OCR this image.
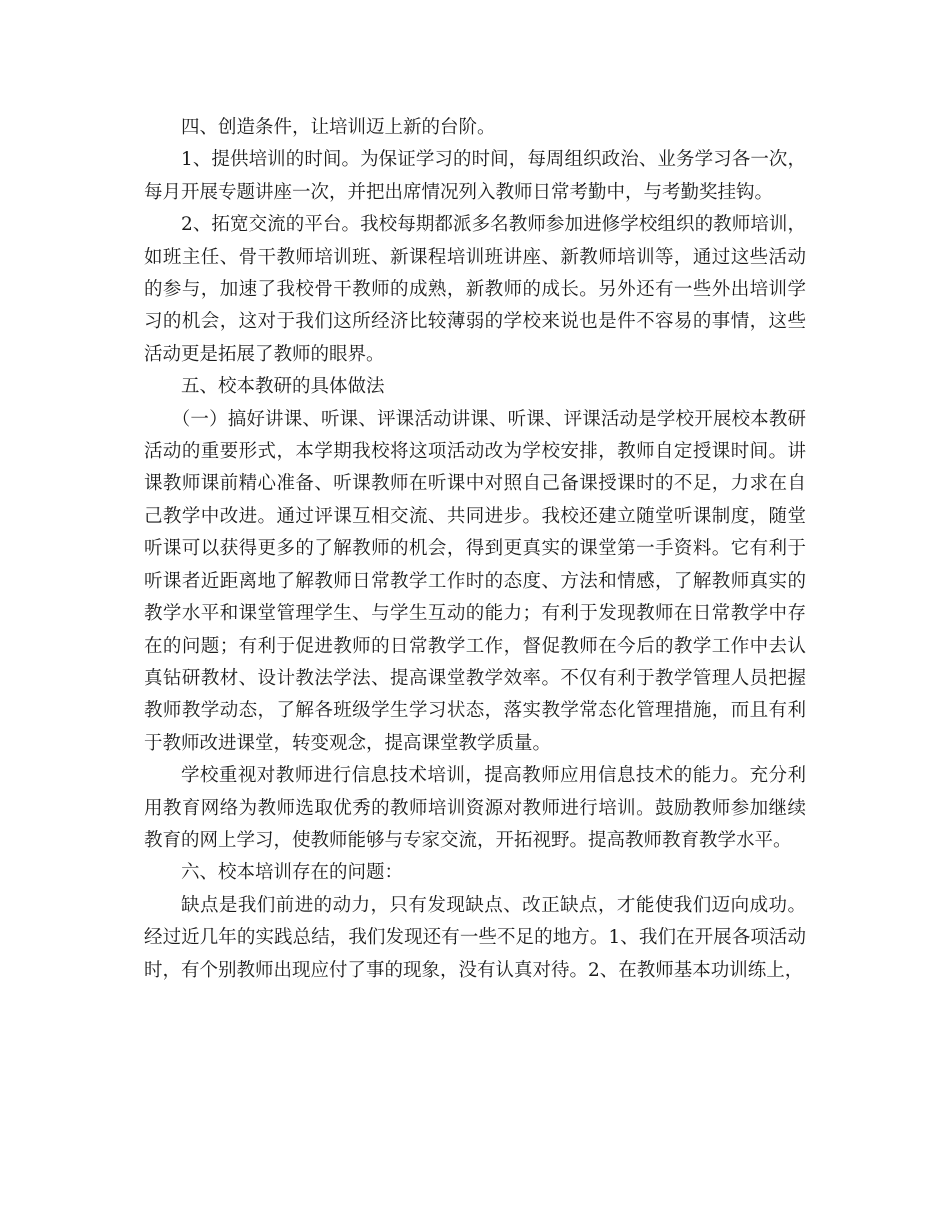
四、创造条件，让培训迈上新的台阶。

1、提供培训的时间。为保证学习的时间，每周组织政治、业务学习各一次，每月开展专题讲座一次，并把出席情况列入教师日常考勤中，与考勤奖挂钩。

2、拓宽交流的平台。我校每期都派多名教师参加进修学校组织的教师培训，如班主任、骨干教师培训班、新课程培训班讲座、新教师培训等，通过这些活动的参与，加速了我校骨干教师的成熟，新教师的成长。另外还有一些外出培训学习的机会，这对于我们这所经济比较薄弱的学校来说也是件不容易的事情，这些活动更是拓展了教师的眼界。

五、校本教研的具体做法

（一）搞好讲课、听课、评课活动讲课、听课、评课活动是学校开展校本教研活动的重要形式，本学期我校将这项活动改为学校安排，教师自定授课时间。讲课教师课前精心准备、听课教师在听课中对照自己备课授课时的不足，力求在自己教学中改进。通过评课互相交流、共同进步。我校还建立随堂听课制度，随堂听课可以获得更多的了解教师的机会，得到更真实的课堂第一手资料。它有利于听课者近距离地了解教师日常教学工作时的态度、方法和情感，了解教师真实的教学水平和课堂管理学生、与学生互动的能力；有利于发现教师在日常教学中存在的问题；有利于促进教师的日常教学工作，督促教师在今后的教学工作中去认真钻研教材、设计教法学法、提高课堂教学效率。不仅有利于教学管理人员把握教师教学动态，了解各班级学生学习状态，落实教学常态化管理措施，而且有利于教师改进课堂，转变观念，提高课堂教学质量。

学校重视对教师进行信息技术培训，提高教师应用信息技术的能力。充分利用教育网络为教师选取优秀的教师培训资源对教师进行培训。鼓励教师参加继续教育的网上学习，使教师能够与专家交流，开拓视野。提高教师教育教学水平。

六、校本培训存在的问题：

缺点是我们前进的动力，只有发现缺点、改正缺点，才能使我们迈向成功。经过近几年的实践总结，我们发现还有一些不足的地方。1、我们在开展各项活动时，有个别教师出现应付了事的现象，没有认真对待。2、在教师基本功训练上，
